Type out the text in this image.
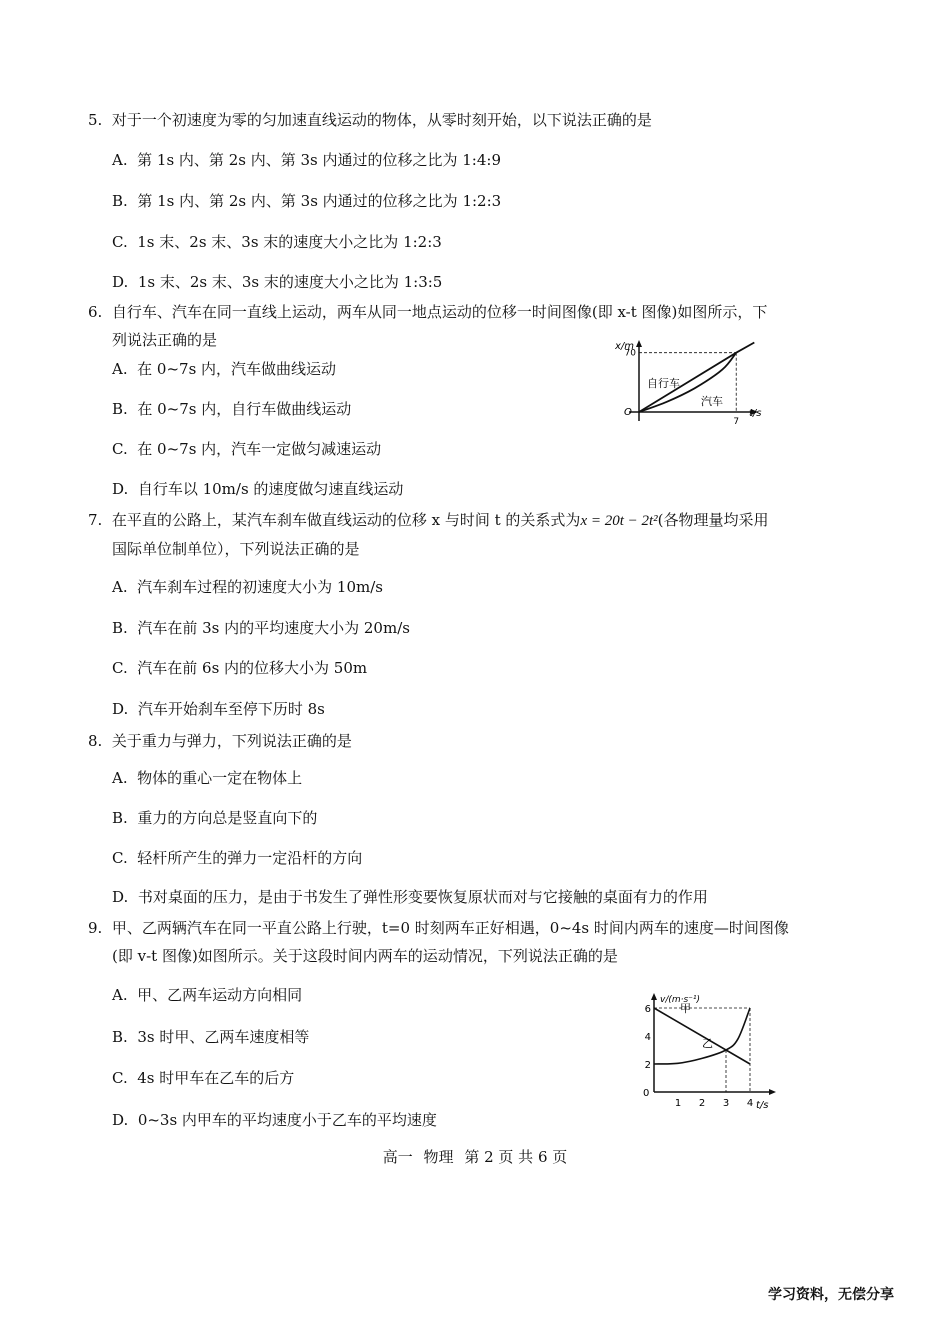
5. 对于一个初速度为零的匀加速直线运动的物体，从零时刻开始，以下说法正确的是
A. 第 1s 内、第 2s 内、第 3s 内通过的位移之比为 1:4:9
B. 第 1s 内、第 2s 内、第 3s 内通过的位移之比为 1:2:3
C. 1s 末、2s 末、3s 末的速度大小之比为 1:2:3
D. 1s 末、2s 末、3s 末的速度大小之比为 1:3:5
6. 自行车、汽车在同一直线上运动，两车从同一地点运动的位移一时间图像(即 x-t 图像)如图所示，下
列说法正确的是
A. 在 0~7s 内，汽车做曲线运动
B. 在 0~7s 内，自行车做曲线运动
C. 在 0~7s 内，汽车一定做匀减速运动
D. 自行车以 10m/s 的速度做匀速直线运动
x/m
t/s
O
70
7
自行车
汽车
7. 在平直的公路上，某汽车刹车做直线运动的位移 x 与时间 t 的关系式为x = 20t − 2t²(各物理量均采用
国际单位制单位），下列说法正确的是
A. 汽车刹车过程的初速度大小为 10m/s
B. 汽车在前 3s 内的平均速度大小为 20m/s
C. 汽车在前 6s 内的位移大小为 50m
D. 汽车开始刹车至停下历时 8s
8. 关于重力与弹力，下列说法正确的是
A. 物体的重心一定在物体上
B. 重力的方向总是竖直向下的
C. 轻杆所产生的弹力一定沿杆的方向
D. 书对桌面的压力，是由于书发生了弹性形变要恢复原状而对与它接触的桌面有力的作用
9. 甲、乙两辆汽车在同一平直公路上行驶，t=0 时刻两车正好相遇，0~4s 时间内两车的速度—时间图像
(即 v-t 图像)如图所示。关于这段时间内两车的运动情况，下列说法正确的是
A. 甲、乙两车运动方向相同
B. 3s 时甲、乙两车速度相等
C. 4s 时甲车在乙车的后方
D. 0~3s 内甲车的平均速度小于乙车的平均速度
v/(m·s⁻¹)
t/s
0
2
4
6
1 2 3 4
甲
乙
高一 物理 第 2 页 共 6 页
学习资料，无偿分享
